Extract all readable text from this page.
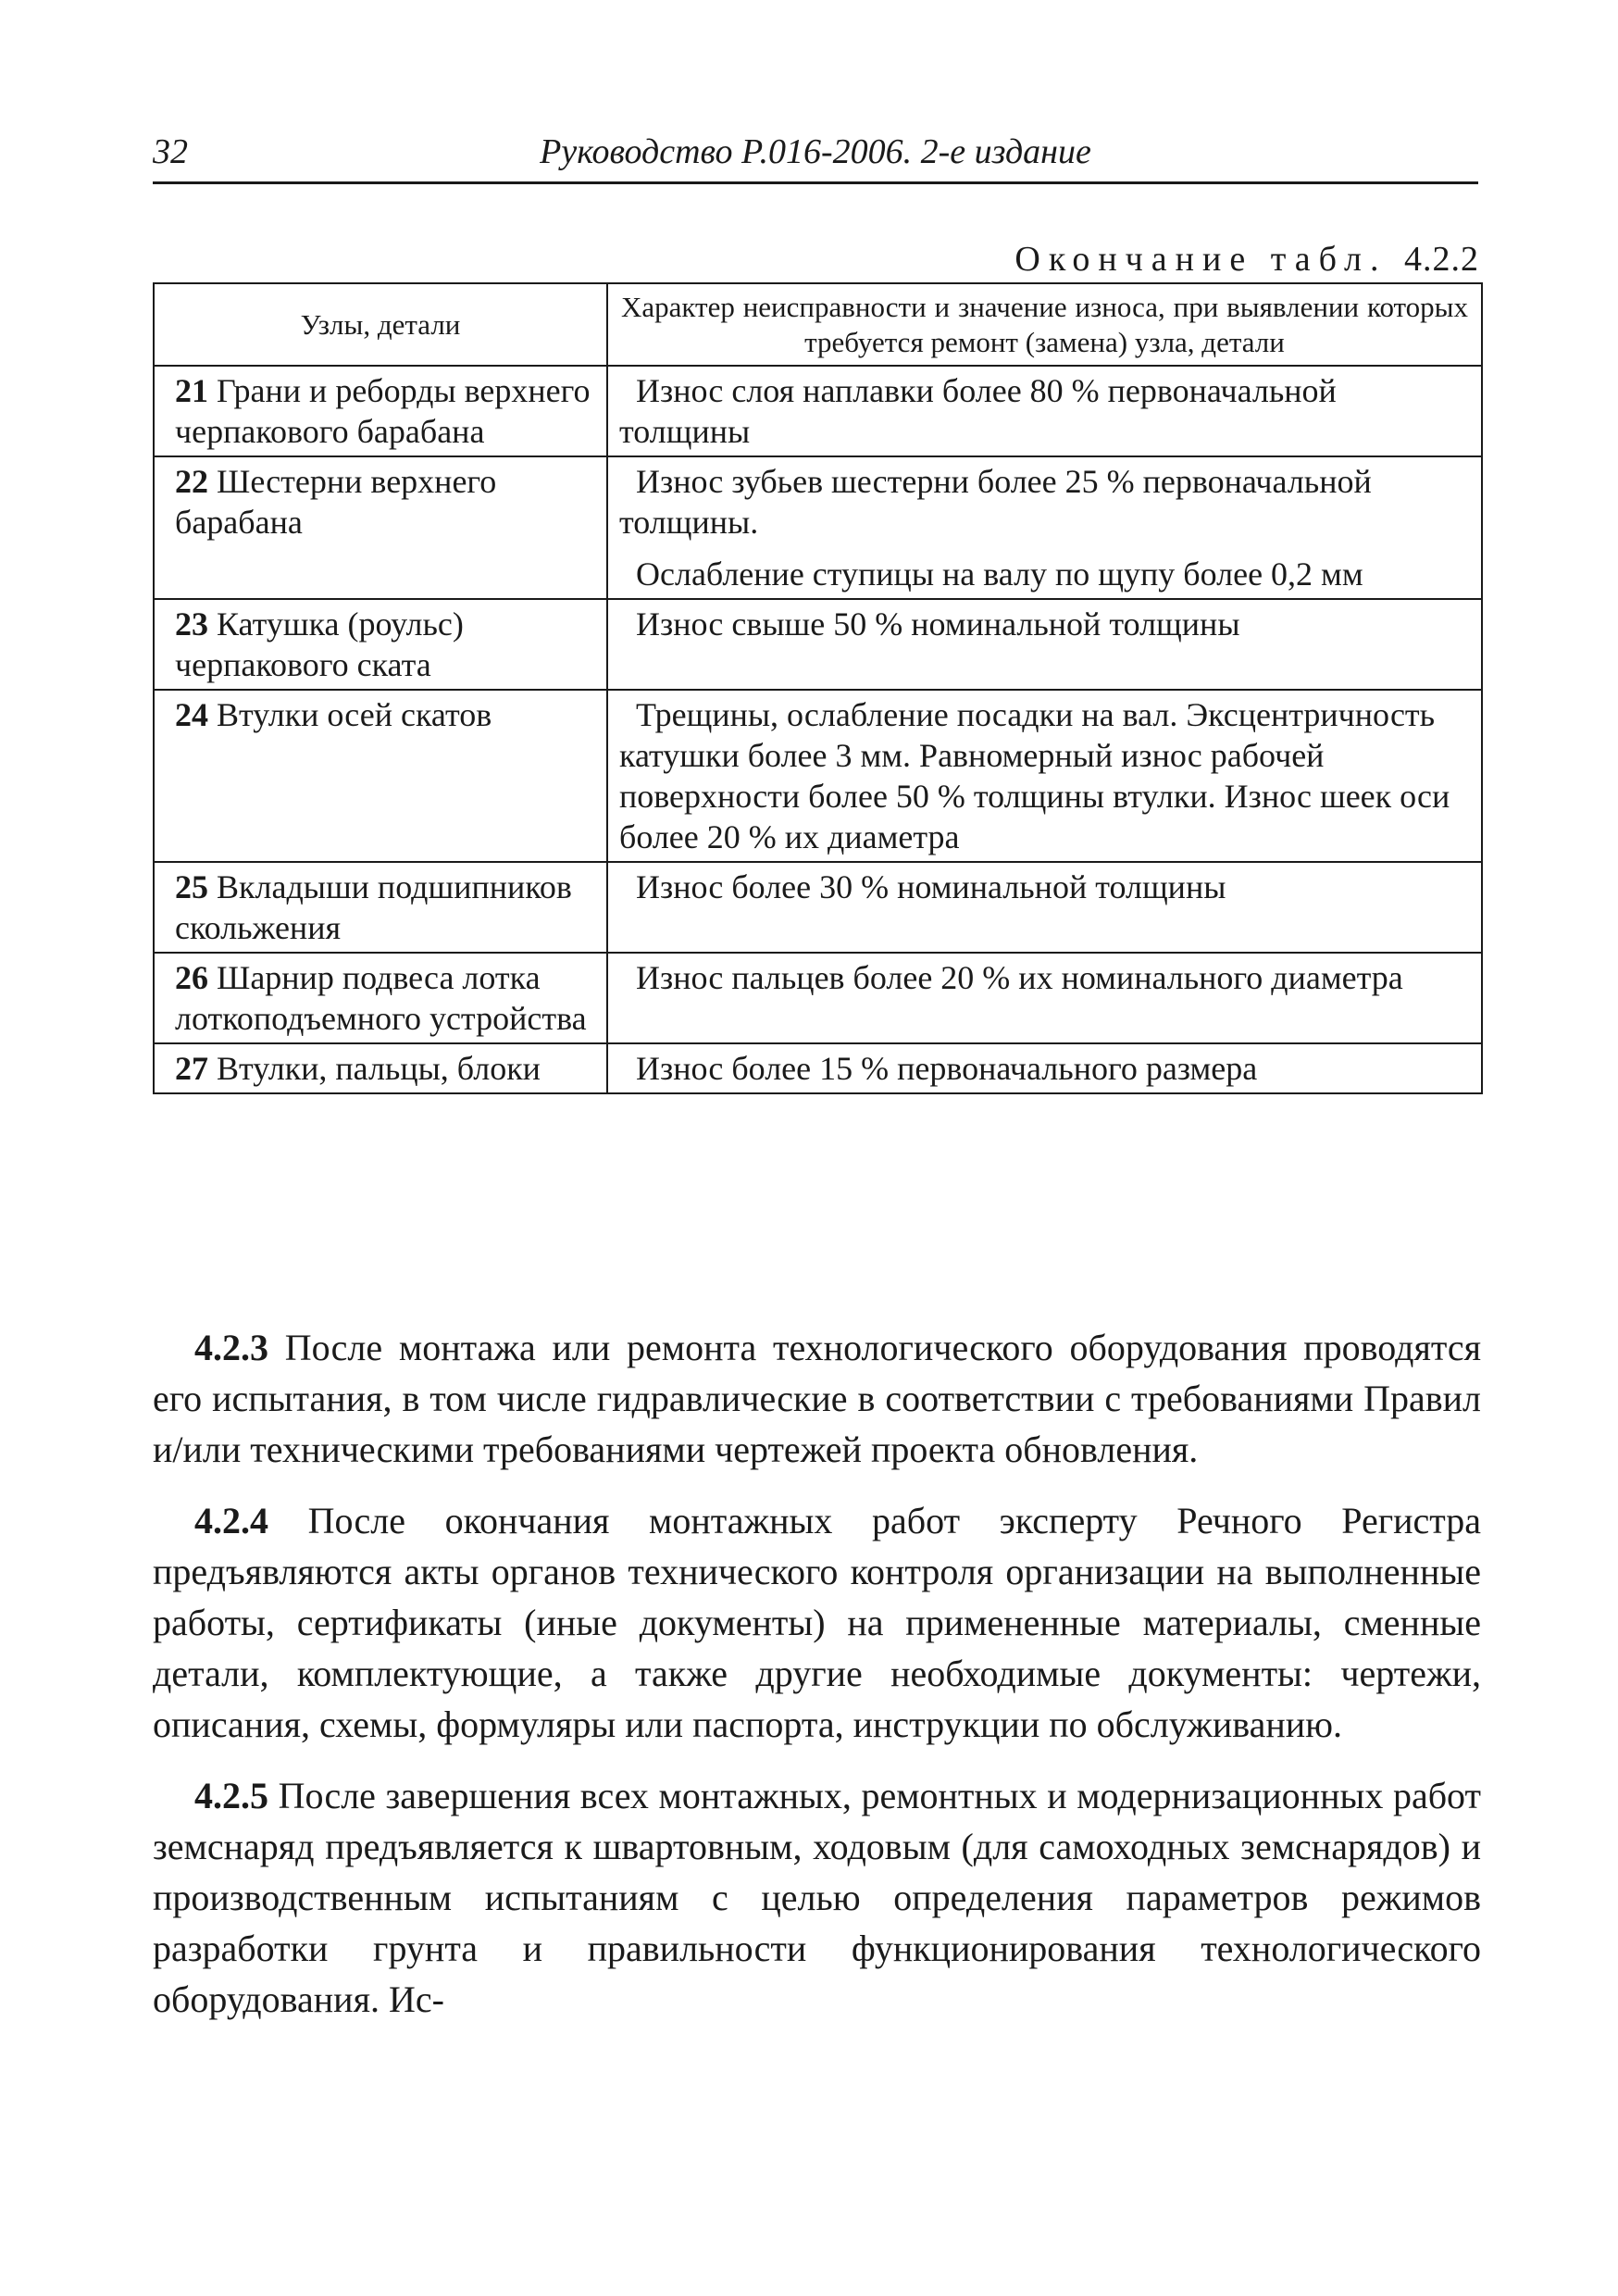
32	Руководство Р.016-2006. 2-е издание
Окончание табл. 4.2.2
Узлы, детали	Характер неисправности и значение износа, при выявлении которых требуется ремонт (замена) узла, детали
21 Грани и реборды верхнего черпакового барабана	Износ слоя наплавки более 80 % первоначальной толщины

22 Шестерни верхнего барабана	Износ зубьев шестерни более 25 % первоначальной толщины.

Ослабление ступицы на валу по щупу более 0,2 мм

23 Катушка (роульс) черпакового ската	Износ свыше 50 % номинальной толщины

24 Втулки осей скатов	Трещины, ослабление посадки на вал. Эксцентричность катушки более 3 мм. Равномерный износ рабочей поверхности более 50 % толщины втулки. Износ шеек оси более 20 % их диаметра

25 Вкладыши подшипников скольжения	Износ более 30 % номинальной толщины

26 Шарнир подвеса лотка лоткоподъемного устройства	Износ пальцев более 20 % их номинального диаметра

27 Втулки, пальцы, блоки	Износ более 15 % первоначального размера

4.2.3 После монтажа или ремонта технологического оборудования проводятся его испытания, в том числе гидравлические в соответствии с требованиями Правил и/или техническими требованиями чертежей проекта обновления.

4.2.4 После окончания монтажных работ эксперту Речного Регистра предъявляются акты органов технического контроля организации на выполненные работы, сертификаты (иные документы) на примененные материалы, сменные детали, комплектующие, а также другие необходимые документы: чертежи, описания, схемы, формуляры или паспорта, инструкции по обслуживанию.

4.2.5 После завершения всех монтажных, ремонтных и модернизационных работ земснаряд предъявляется к швартовным, ходовым (для самоходных земснарядов) и производственным испытаниям с целью определения параметров режимов разработки грунта и правильности функционирования технологического оборудования. Ис-
